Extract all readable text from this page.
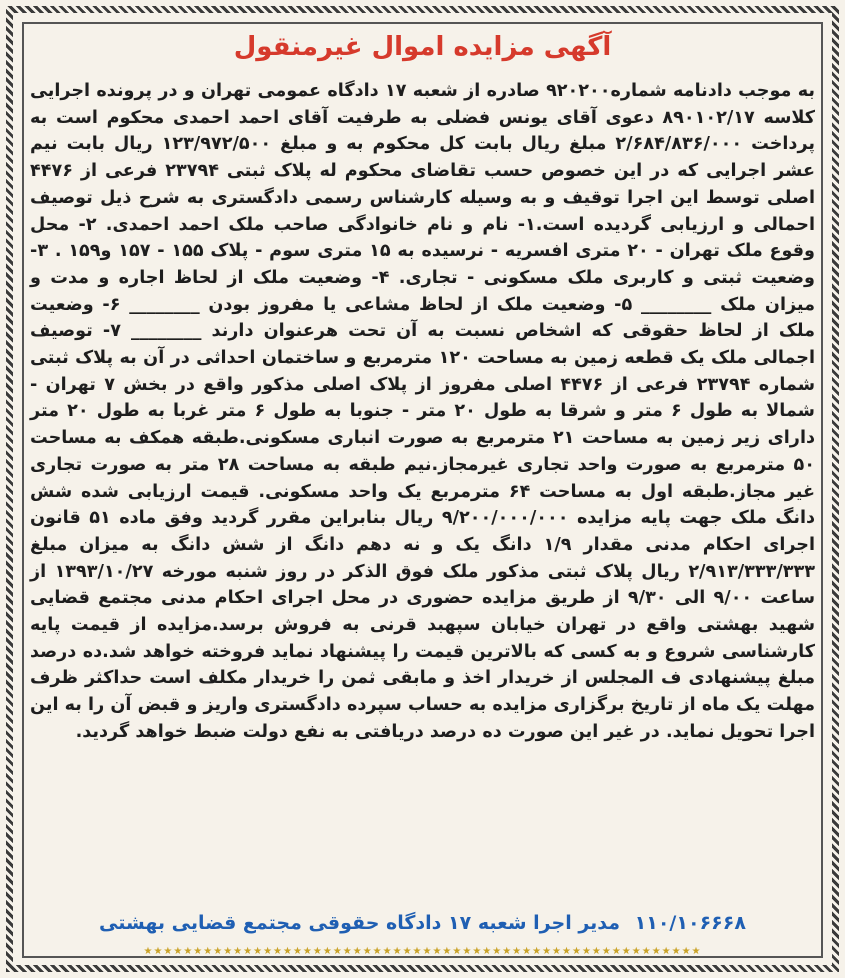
آگهی مزایده اموال غیرمنقول
به موجب دادنامه شماره۹۲۰۲۰۰ صادره از شعبه ۱۷ دادگاه عمومی تهران و در پرونده اجرایی کلاسه ۸۹۰۱۰۲/۱۷ دعوی آقای یونس فضلی به طرفیت آقای احمد احمدی محکوم است به پرداخت ۲/۶۸۴/۸۳۶/۰۰۰ مبلغ ریال بابت کل محکوم به و مبلغ ۱۲۳/۹۷۲/۵۰۰ ریال بابت نیم عشر اجرایی که در این خصوص حسب تقاضای محکوم له پلاک ثبتی ۲۳۷۹۴ فرعی از ۴۴۷۶ اصلی توسط این اجرا توقیف و به وسیله کارشناس رسمی دادگستری به شرح ذیل توصیف احمالی و ارزیابی گردیده است.۱- نام و نام خانوادگی صاحب ملک احمد احمدی. ۲- محل وقوع ملک تهران - ۲۰ متری افسریه - نرسیده به ۱۵ متری سوم - پلاک ۱۵۵ - ۱۵۷ و۱۵۹ . ۳- وضعیت ثبتی و کاربری ملک مسکونی - تجاری. ۴- وضعیت ملک از لحاظ اجاره و مدت و میزان ملک ________ ۵- وضعیت ملک از لحاظ مشاعی یا مفروز بودن ________ ۶- وضعیت ملک از لحاظ حقوقی که اشخاص نسبت به آن تحت هرعنوان دارند ________ ۷- توصیف اجمالی ملک یک قطعه زمین به مساحت ۱۲۰ مترمربع و ساختمان احداثی در آن به پلاک ثبتی شماره ۲۳۷۹۴ فرعی از ۴۴۷۶ اصلی مفروز از پلاک اصلی مذکور واقع در بخش ۷ تهران - شمالا به طول ۶ متر و شرقا به طول ۲۰ متر - جنوبا به طول ۶ متر غربا به طول ۲۰ متر دارای زیر زمین به مساحت ۲۱ مترمربع به صورت انباری مسکونی.طبقه همکف به مساحت ۵۰ مترمربع به صورت واحد تجاری غیرمجاز.نیم طبقه به مساحت ۲۸ متر به صورت تجاری غیر مجاز.طبقه اول به مساحت ۶۴ مترمربع یک واحد مسکونی. قیمت ارزیابی شده شش دانگ ملک جهت پایه مزایده ۹/۲۰۰/۰۰۰/۰۰۰ ریال بنابراین مقرر گردید وفق ماده ۵۱ قانون اجرای احکام مدنی مقدار ۱/۹ دانگ یک و نه دهم دانگ از شش دانگ به میزان مبلغ ۲/۹۱۳/۳۳۳/۳۳۳ ریال پلاک ثبتی مذکور ملک فوق الذکر در روز شنبه مورخه ۱۳۹۳/۱۰/۲۷ از ساعت ۹/۰۰ الی ۹/۳۰ از طریق مزایده حضوری در محل اجرای احکام مدنی مجتمع قضایی شهید بهشتی واقع در تهران خیابان سپهبد قرنی به فروش برسد.مزایده از قیمت پایه کارشناسی شروع و به کسی که بالاترین قیمت را پیشنهاد نماید فروخته خواهد شد.ده درصد مبلغ پیشنهادی ف المجلس از خریدار اخذ و مابقی ثمن را خریدار مکلف است حداکثر ظرف مهلت یک ماه از تاریخ برگزاری مزایده به حساب سپرده دادگستری واریز و قبض آن را به این اجرا تحویل نماید. در غیر این صورت ده درصد دریافتی به نفع دولت ضبط خواهد گردید.
۱۱۰/۱۰۶۶۶۸ مدیر اجرا شعبه ۱۷ دادگاه حقوقی مجتمع قضایی بهشتی
★★★★★★★★★★★★★★★★★★★★★★★★★★★★★★★★★★★★★★★★★★★★★★★★★★★★★★★★
